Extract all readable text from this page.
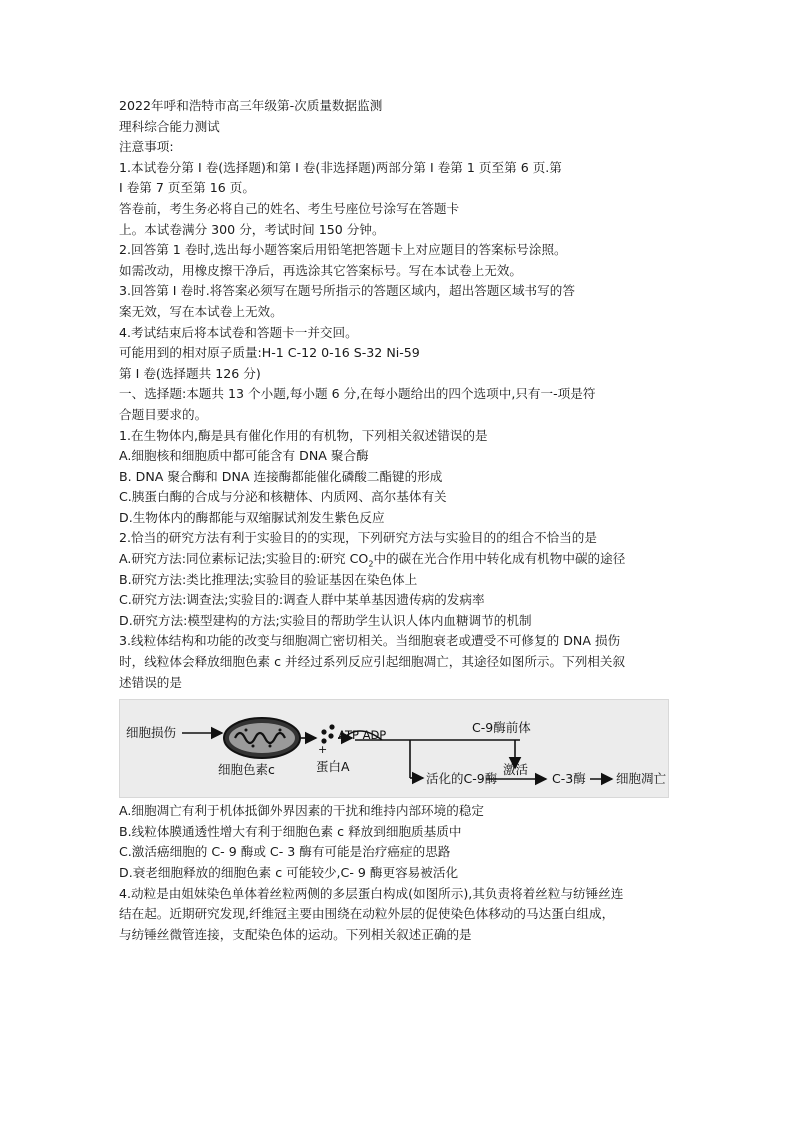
2022年呼和浩特市高三年级第-次质量数据监测
理科综合能力测试
注意事项:
1.本试卷分第 I 卷(选择题)和第 I 卷(非选择题)两部分第 I 卷第 1 页至第 6 页.第
I 卷第 7 页至第 16 页。
答卷前，考生务必将自己的姓名、考生号座位号涂写在答题卡
上。本试卷满分 300 分，考试时间 150 分钟。
2.回答第 1 卷时,选出每小题答案后用铅笔把答题卡上对应题目的答案标号涂照。
如需改动，用橡皮擦干净后，再选涂其它答案标号。写在本试卷上无效。
3.回答第 I 卷时.将答案必须写在题号所指示的答题区域内，超出答题区域书写的答
案无效，写在本试卷上无效。
4.考试结束后将本试卷和答题卡一并交回。
可能用到的相对原子质量:H-1 C-12 0-16 S-32 Ni-59
第 I 卷(选择题共 126 分)
一、选择题:本题共 13 个小题,每小题 6 分,在每小题给出的四个选项中,只有一-项是符
合题目要求的。
1.在生物体内,酶是具有催化作用的有机物，下列相关叙述错误的是
A.细胞核和细胞质中都可能含有 DNA 聚合酶
B. DNA 聚合酶和 DNA 连接酶都能催化磷酸二酯键的形成
C.胰蛋白酶的合成与分泌和核糖体、内质网、高尔基体有关
D.生物体内的酶都能与双缩脲试剂发生紫色反应
2.恰当的研究方法有利于实验目的的实现，下列研究方法与实验目的的组合不恰当的是
A.研究方法:同位素标记法;实验目的:研究 $CO_2$中的碳在光合作用中转化成有机物中碳的途径
B.研究方法:类比推理法;实验目的验证基因在染色体上
C.研究方法:调查法;实验目的:调查人群中某单基因遗传病的发病率
D.研究方法:模型建构的方法;实验目的帮助学生认识人体内血糖调节的机制
3.线粒体结构和功能的改变与细胞凋亡密切相关。当细胞衰老或遭受不可修复的 DNA 损伤
时，线粒体会释放细胞色素 c 并经过系列反应引起细胞凋亡，其途径如图所示。下列相关叙
述错误的是
细胞损伤
细胞色素c
+
蛋白A
ATP ADP	C-9酶前体
活化的C-9酶
激活
C-3酶 细胞凋亡
A.细胞凋亡有利于机体抵御外界因素的干扰和维持内部环境的稳定
B.线粒体膜通透性增大有利于细胞色素 c 释放到细胞质基质中
C.激活癌细胞的 C- 9 酶或 C- 3 酶有可能是治疗癌症的思路
D.衰老细胞释放的细胞色素 c 可能较少,C- 9 酶更容易被活化
4.动粒是由姐妹染色单体着丝粒两侧的多层蛋白构成(如图所示),其负责将着丝粒与纺锤丝连
结在起。近期研究发现,纤维冠主要由围绕在动粒外层的促使染色体移动的马达蛋白组成，
与纺锤丝微管连接，支配染色体的运动。下列相关叙述正确的是
